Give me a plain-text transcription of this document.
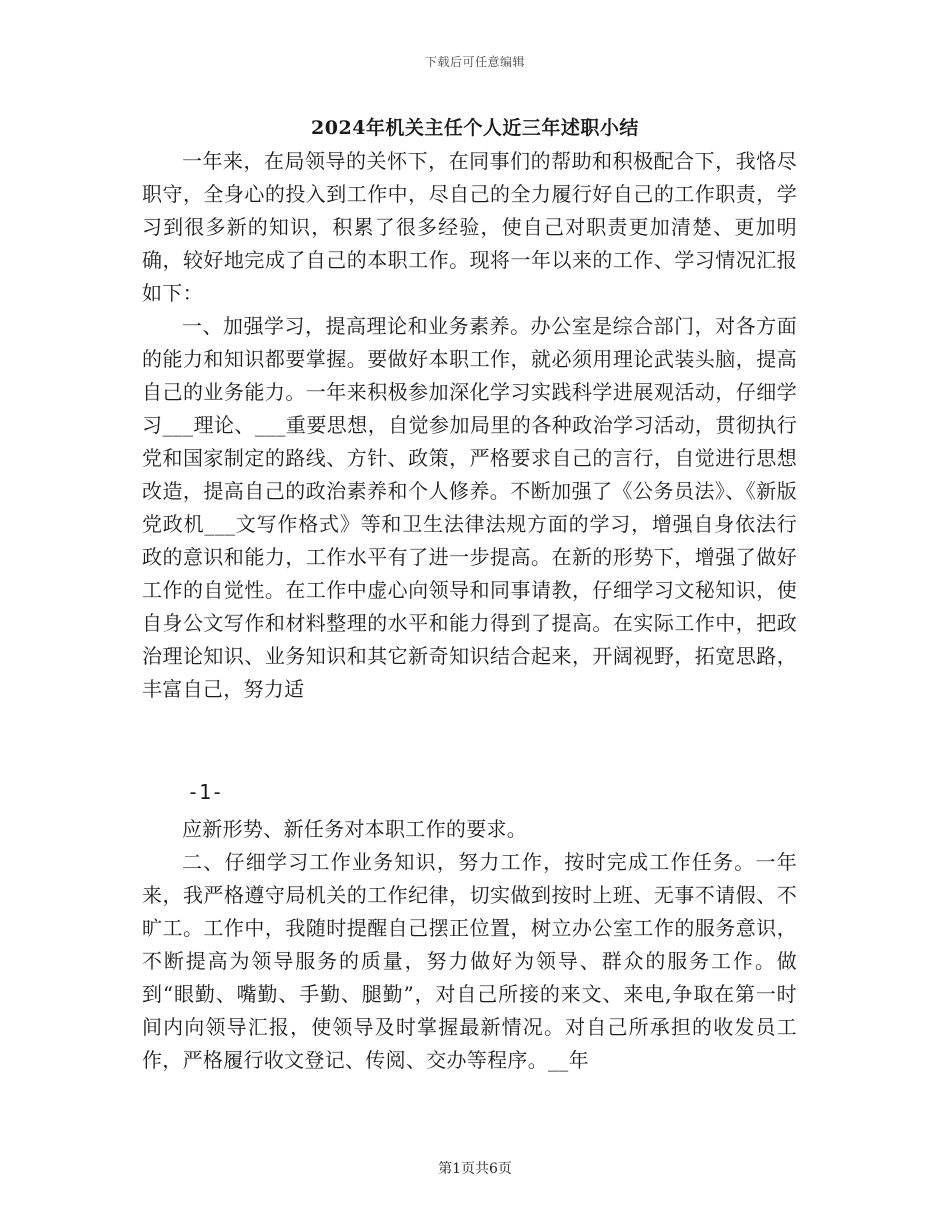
下载后可任意编辑
2024年机关主任个人近三年述职小结

一年来，在局领导的关怀下，在同事们的帮助和积极配合下，我恪尽职守，全身心的投入到工作中，尽自己的全力履行好自己的工作职责，学习到很多新的知识，积累了很多经验，使自己对职责更加清楚、更加明确，较好地完成了自己的本职工作。现将一年以来的工作、学习情况汇报如下：

一、加强学习，提高理论和业务素养。办公室是综合部门，对各方面的能力和知识都要掌握。要做好本职工作，就必须用理论武装头脑，提高自己的业务能力。一年来积极参加深化学习实践科学进展观活动，仔细学习___理论、___重要思想，自觉参加局里的各种政治学习活动，贯彻执行党和国家制定的路线、方针、政策，严格要求自己的言行，自觉进行思想改造，提高自己的政治素养和个人修养。不断加强了《公务员法》、《新版党政机___文写作格式》等和卫生法律法规方面的学习，增强自身依法行政的意识和能力，工作水平有了进一步提高。在新的形势下，增强了做好工作的自觉性。在工作中虚心向领导和同事请教，仔细学习文秘知识，使自身公文写作和材料整理的水平和能力得到了提高。在实际工作中，把政治理论知识、业务知识和其它新奇知识结合起来，开阔视野，拓宽思路，丰富自己，努力适

-1-

应新形势、新任务对本职工作的要求。

二、仔细学习工作业务知识，努力工作，按时完成工作任务。一年来，我严格遵守局机关的工作纪律，切实做到按时上班、无事不请假、不旷工。工作中，我随时提醒自己摆正位置，树立办公室工作的服务意识，不断提高为领导服务的质量，努力做好为领导、群众的服务工作。做到“眼勤、嘴勤、手勤、腿勤”，对自己所接的来文、来电,争取在第一时间内向领导汇报，使领导及时掌握最新情况。对自己所承担的收发员工作，严格履行收文登记、传阅、交办等程序。__年

第1页共6页
